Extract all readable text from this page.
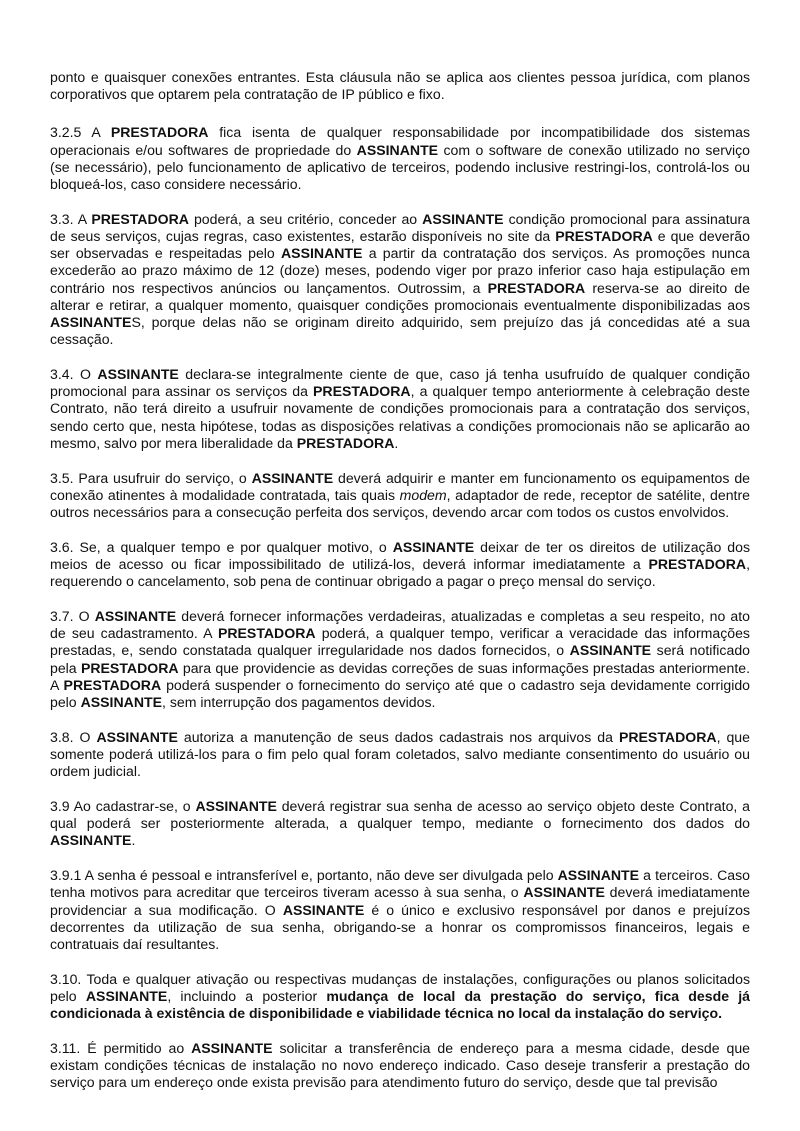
ponto e quaisquer conexões entrantes. Esta cláusula não se aplica aos clientes pessoa jurídica, com planos corporativos que optarem pela contratação de IP público e fixo.

3.2.5 A PRESTADORA fica isenta de qualquer responsabilidade por incompatibilidade dos sistemas operacionais e/ou softwares de propriedade do ASSINANTE com o software de conexão utilizado no serviço (se necessário), pelo funcionamento de aplicativo de terceiros, podendo inclusive restringi-los, controlá-los ou bloqueá-los, caso considere necessário.

3.3. A PRESTADORA poderá, a seu critério, conceder ao ASSINANTE condição promocional para assinatura de seus serviços, cujas regras, caso existentes, estarão disponíveis no site da PRESTADORA e que deverão ser observadas e respeitadas pelo ASSINANTE a partir da contratação dos serviços. As promoções nunca excederão ao prazo máximo de 12 (doze) meses, podendo viger por prazo inferior caso haja estipulação em contrário nos respectivos anúncios ou lançamentos. Outrossim, a PRESTADORA reserva-se ao direito de alterar e retirar, a qualquer momento, quaisquer condições promocionais eventualmente disponibilizadas aos ASSINANTES, porque delas não se originam direito adquirido, sem prejuízo das já concedidas até a sua cessação.

3.4. O ASSINANTE declara-se integralmente ciente de que, caso já tenha usufruído de qualquer condição promocional para assinar os serviços da PRESTADORA, a qualquer tempo anteriormente à celebração deste Contrato, não terá direito a usufruir novamente de condições promocionais para a contratação dos serviços, sendo certo que, nesta hipótese, todas as disposições relativas a condições promocionais não se aplicarão ao mesmo, salvo por mera liberalidade da PRESTADORA.

3.5. Para usufruir do serviço, o ASSINANTE deverá adquirir e manter em funcionamento os equipamentos de conexão atinentes à modalidade contratada, tais quais modem, adaptador de rede, receptor de satélite, dentre outros necessários para a consecução perfeita dos serviços, devendo arcar com todos os custos envolvidos.

3.6. Se, a qualquer tempo e por qualquer motivo, o ASSINANTE deixar de ter os direitos de utilização dos meios de acesso ou ficar impossibilitado de utilizá-los, deverá informar imediatamente a PRESTADORA, requerendo o cancelamento, sob pena de continuar obrigado a pagar o preço mensal do serviço.

3.7. O ASSINANTE deverá fornecer informações verdadeiras, atualizadas e completas a seu respeito, no ato de seu cadastramento. A PRESTADORA poderá, a qualquer tempo, verificar a veracidade das informações prestadas, e, sendo constatada qualquer irregularidade nos dados fornecidos, o ASSINANTE será notificado pela PRESTADORA para que providencie as devidas correções de suas informações prestadas anteriormente. A PRESTADORA poderá suspender o fornecimento do serviço até que o cadastro seja devidamente corrigido pelo ASSINANTE, sem interrupção dos pagamentos devidos.

3.8. O ASSINANTE autoriza a manutenção de seus dados cadastrais nos arquivos da PRESTADORA, que somente poderá utilizá-los para o fim pelo qual foram coletados, salvo mediante consentimento do usuário ou ordem judicial.

3.9 Ao cadastrar-se, o ASSINANTE deverá registrar sua senha de acesso ao serviço objeto deste Contrato, a qual poderá ser posteriormente alterada, a qualquer tempo, mediante o fornecimento dos dados do ASSINANTE.

3.9.1 A senha é pessoal e intransferível e, portanto, não deve ser divulgada pelo ASSINANTE a terceiros. Caso tenha motivos para acreditar que terceiros tiveram acesso à sua senha, o ASSINANTE deverá imediatamente providenciar a sua modificação. O ASSINANTE é o único e exclusivo responsável por danos e prejuízos decorrentes da utilização de sua senha, obrigando-se a honrar os compromissos financeiros, legais e contratuais daí resultantes.

3.10. Toda e qualquer ativação ou respectivas mudanças de instalações, configurações ou planos solicitados pelo ASSINANTE, incluindo a posterior mudança de local da prestação do serviço, fica desde já condicionada à existência de disponibilidade e viabilidade técnica no local da instalação do serviço.

3.11. É permitido ao ASSINANTE solicitar a transferência de endereço para a mesma cidade, desde que existam condições técnicas de instalação no novo endereço indicado. Caso deseje transferir a prestação do serviço para um endereço onde exista previsão para atendimento futuro do serviço, desde que tal previsão
